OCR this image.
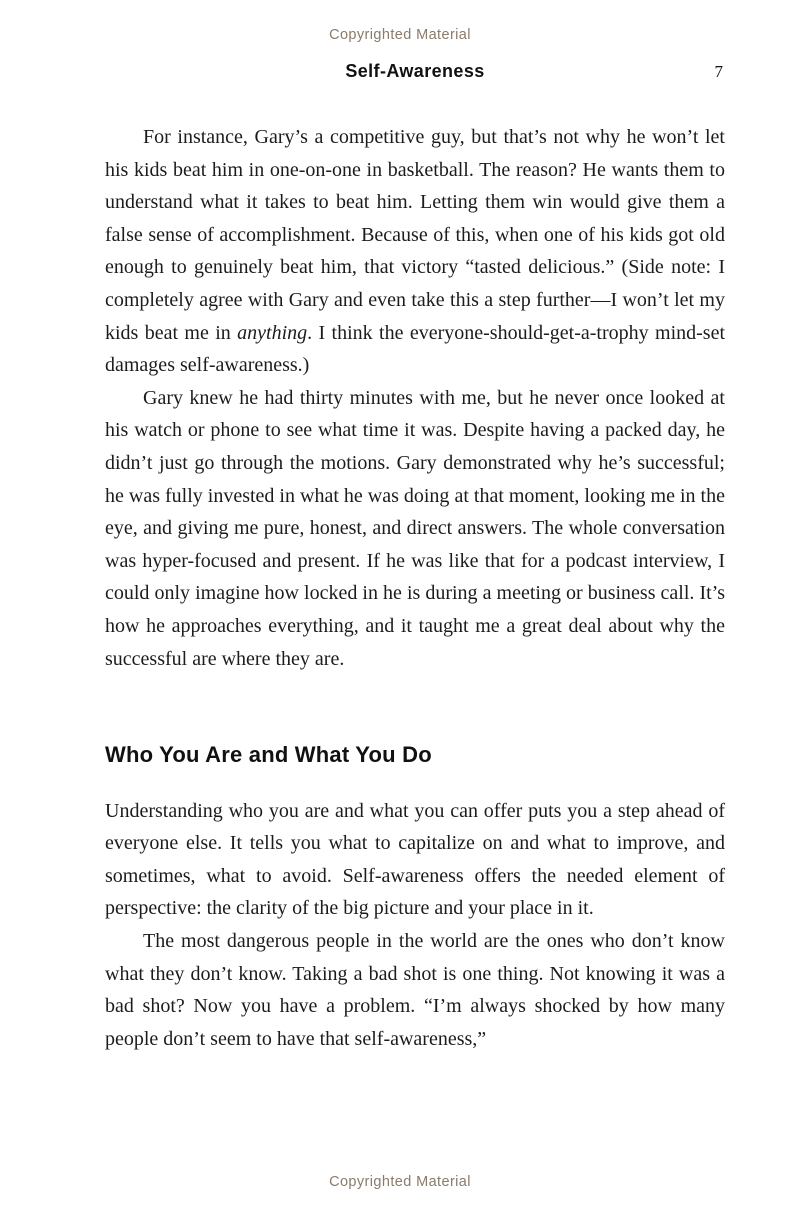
Copyrighted Material
Self-Awareness	7

For instance, Gary’s a competitive guy, but that’s not why he won’t let his kids beat him in one-on-one in basketball. The reason? He wants them to understand what it takes to beat him. Letting them win would give them a false sense of accomplishment. Because of this, when one of his kids got old enough to genuinely beat him, that victory “tasted delicious.” (Side note: I completely agree with Gary and even take this a step further—I won’t let my kids beat me in anything. I think the everyone-should-get-a-trophy mind-set damages self-awareness.)

Gary knew he had thirty minutes with me, but he never once looked at his watch or phone to see what time it was. Despite having a packed day, he didn’t just go through the motions. Gary demonstrated why he’s successful; he was fully invested in what he was doing at that moment, looking me in the eye, and giving me pure, honest, and direct answers. The whole conversation was hyper-focused and present. If he was like that for a podcast interview, I could only imagine how locked in he is during a meeting or business call. It’s how he approaches everything, and it taught me a great deal about why the successful are where they are.

Who You Are and What You Do

Understanding who you are and what you can offer puts you a step ahead of everyone else. It tells you what to capitalize on and what to improve, and sometimes, what to avoid. Self-awareness offers the needed element of perspective: the clarity of the big picture and your place in it.

The most dangerous people in the world are the ones who don’t know what they don’t know. Taking a bad shot is one thing. Not knowing it was a bad shot? Now you have a problem. “I’m always shocked by how many people don’t seem to have that self-awareness,”

Copyrighted Material
